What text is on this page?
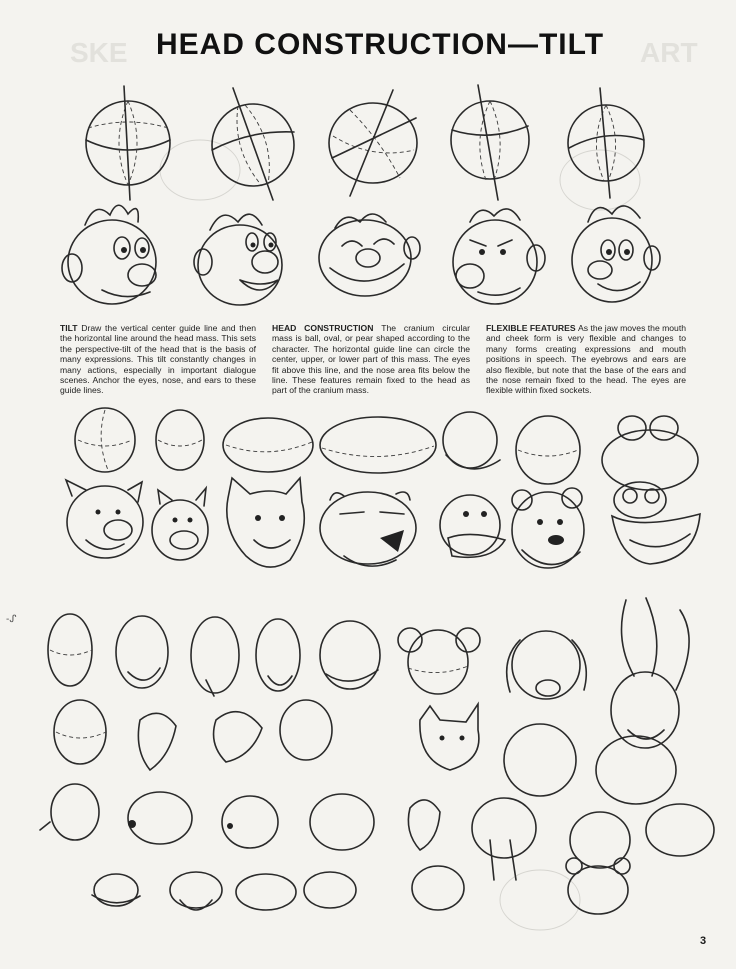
HEAD CONSTRUCTION—TILT
SKE	ART
TILT Draw the vertical center guide line and then the horizontal line around the head mass. This sets the perspective-tilt of the head that is the basis of many expressions. This tilt constantly changes in many actions, especially in important dialogue scenes. Anchor the eyes, nose, and ears to these guide lines.
HEAD CONSTRUCTION The cranium circular mass is ball, oval, or pear shaped according to the character. The horizontal guide line can circle the center, upper, or lower part of this mass. The eyes fit above this line, and the nose area fits below the line. These features remain fixed to the head as part of the cranium mass.
FLEXIBLE FEATURES As the jaw moves the mouth and cheek form is very flexible and changes to many forms creating expressions and mouth positions in speech. The eyebrows and ears are also flexible, but note that the base of the ears and the nose remain fixed to the head. The eyes are flexible within fixed sockets.
-ᔑ
3
